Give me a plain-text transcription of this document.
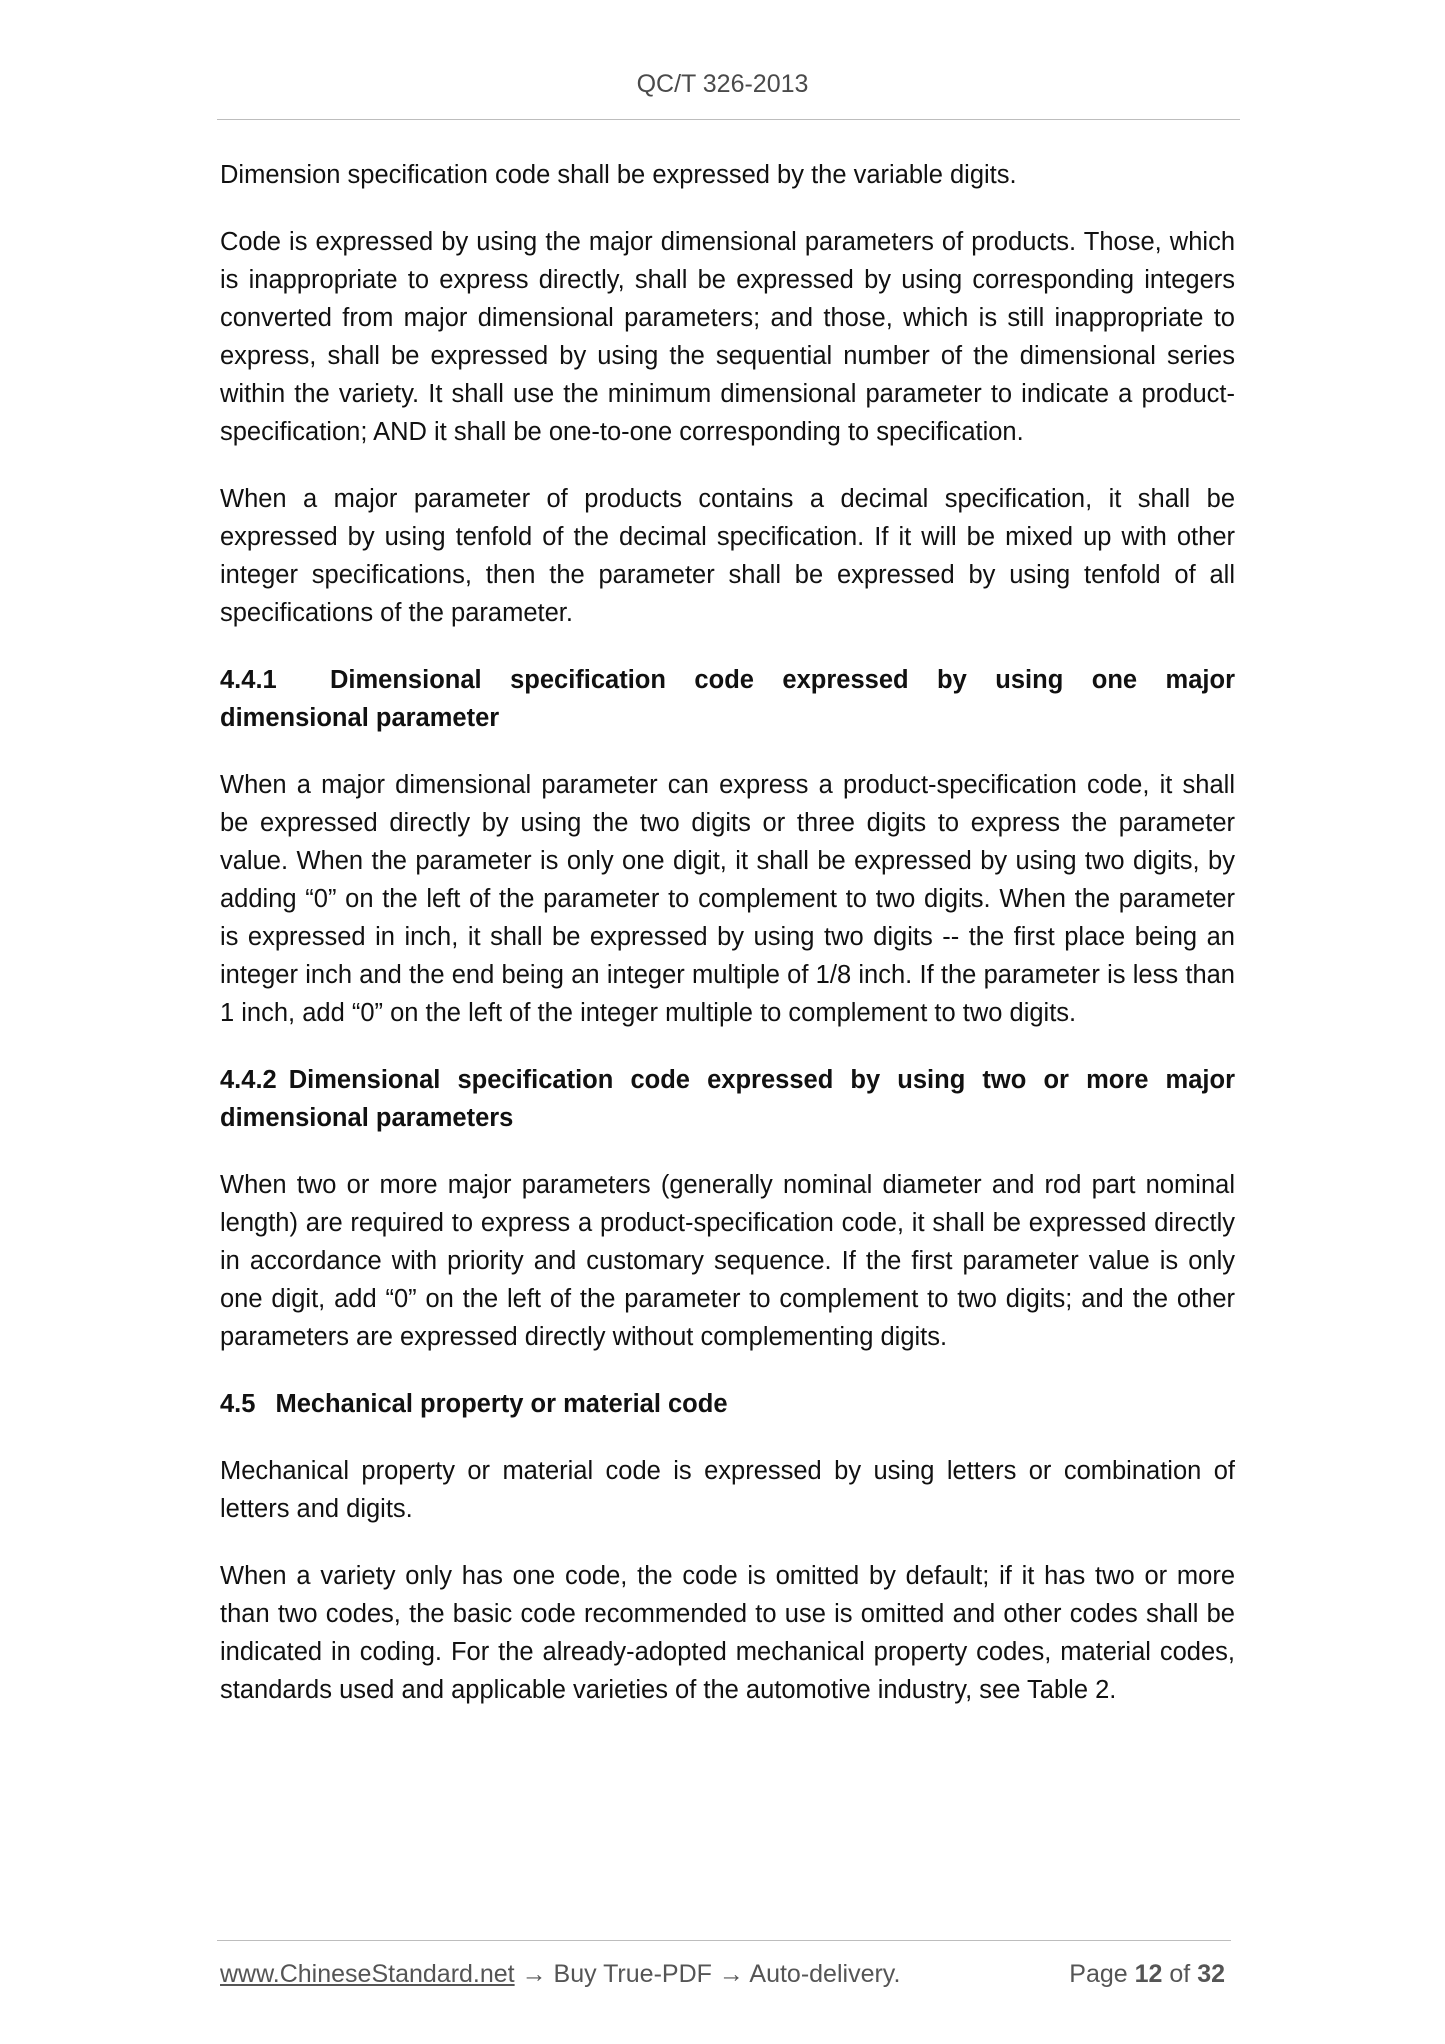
QC/T 326-2013

Dimension specification code shall be expressed by the variable digits.

Code is expressed by using the major dimensional parameters of products. Those, which is inappropriate to express directly, shall be expressed by using corresponding integers converted from major dimensional parameters; and those, which is still inappropriate to express, shall be expressed by using the sequential number of the dimensional series within the variety. It shall use the minimum dimensional parameter to indicate a product-specification; AND it shall be one-to-one corresponding to specification.

When a major parameter of products contains a decimal specification, it shall be expressed by using tenfold of the decimal specification. If it will be mixed up with other integer specifications, then the parameter shall be expressed by using tenfold of all specifications of the parameter.

4.4.1 Dimensional specification code expressed by using one major dimensional parameter

When a major dimensional parameter can express a product-specification code, it shall be expressed directly by using the two digits or three digits to express the parameter value. When the parameter is only one digit, it shall be expressed by using two digits, by adding “0” on the left of the parameter to complement to two digits. When the parameter is expressed in inch, it shall be expressed by using two digits -- the first place being an integer inch and the end being an integer multiple of 1/8 inch. If the parameter is less than 1 inch, add “0” on the left of the integer multiple to complement to two digits.

4.4.2 Dimensional specification code expressed by using two or more major dimensional parameters

When two or more major parameters (generally nominal diameter and rod part nominal length) are required to express a product-specification code, it shall be expressed directly in accordance with priority and customary sequence. If the first parameter value is only one digit, add “0” on the left of the parameter to complement to two digits; and the other parameters are expressed directly without complementing digits.

4.5 Mechanical property or material code

Mechanical property or material code is expressed by using letters or combination of letters and digits.

When a variety only has one code, the code is omitted by default; if it has two or more than two codes, the basic code recommended to use is omitted and other codes shall be indicated in coding. For the already-adopted mechanical property codes, material codes, standards used and applicable varieties of the automotive industry, see Table 2.

www.ChineseStandard.net → Buy True-PDF → Auto-delivery.	Page 12 of 32
